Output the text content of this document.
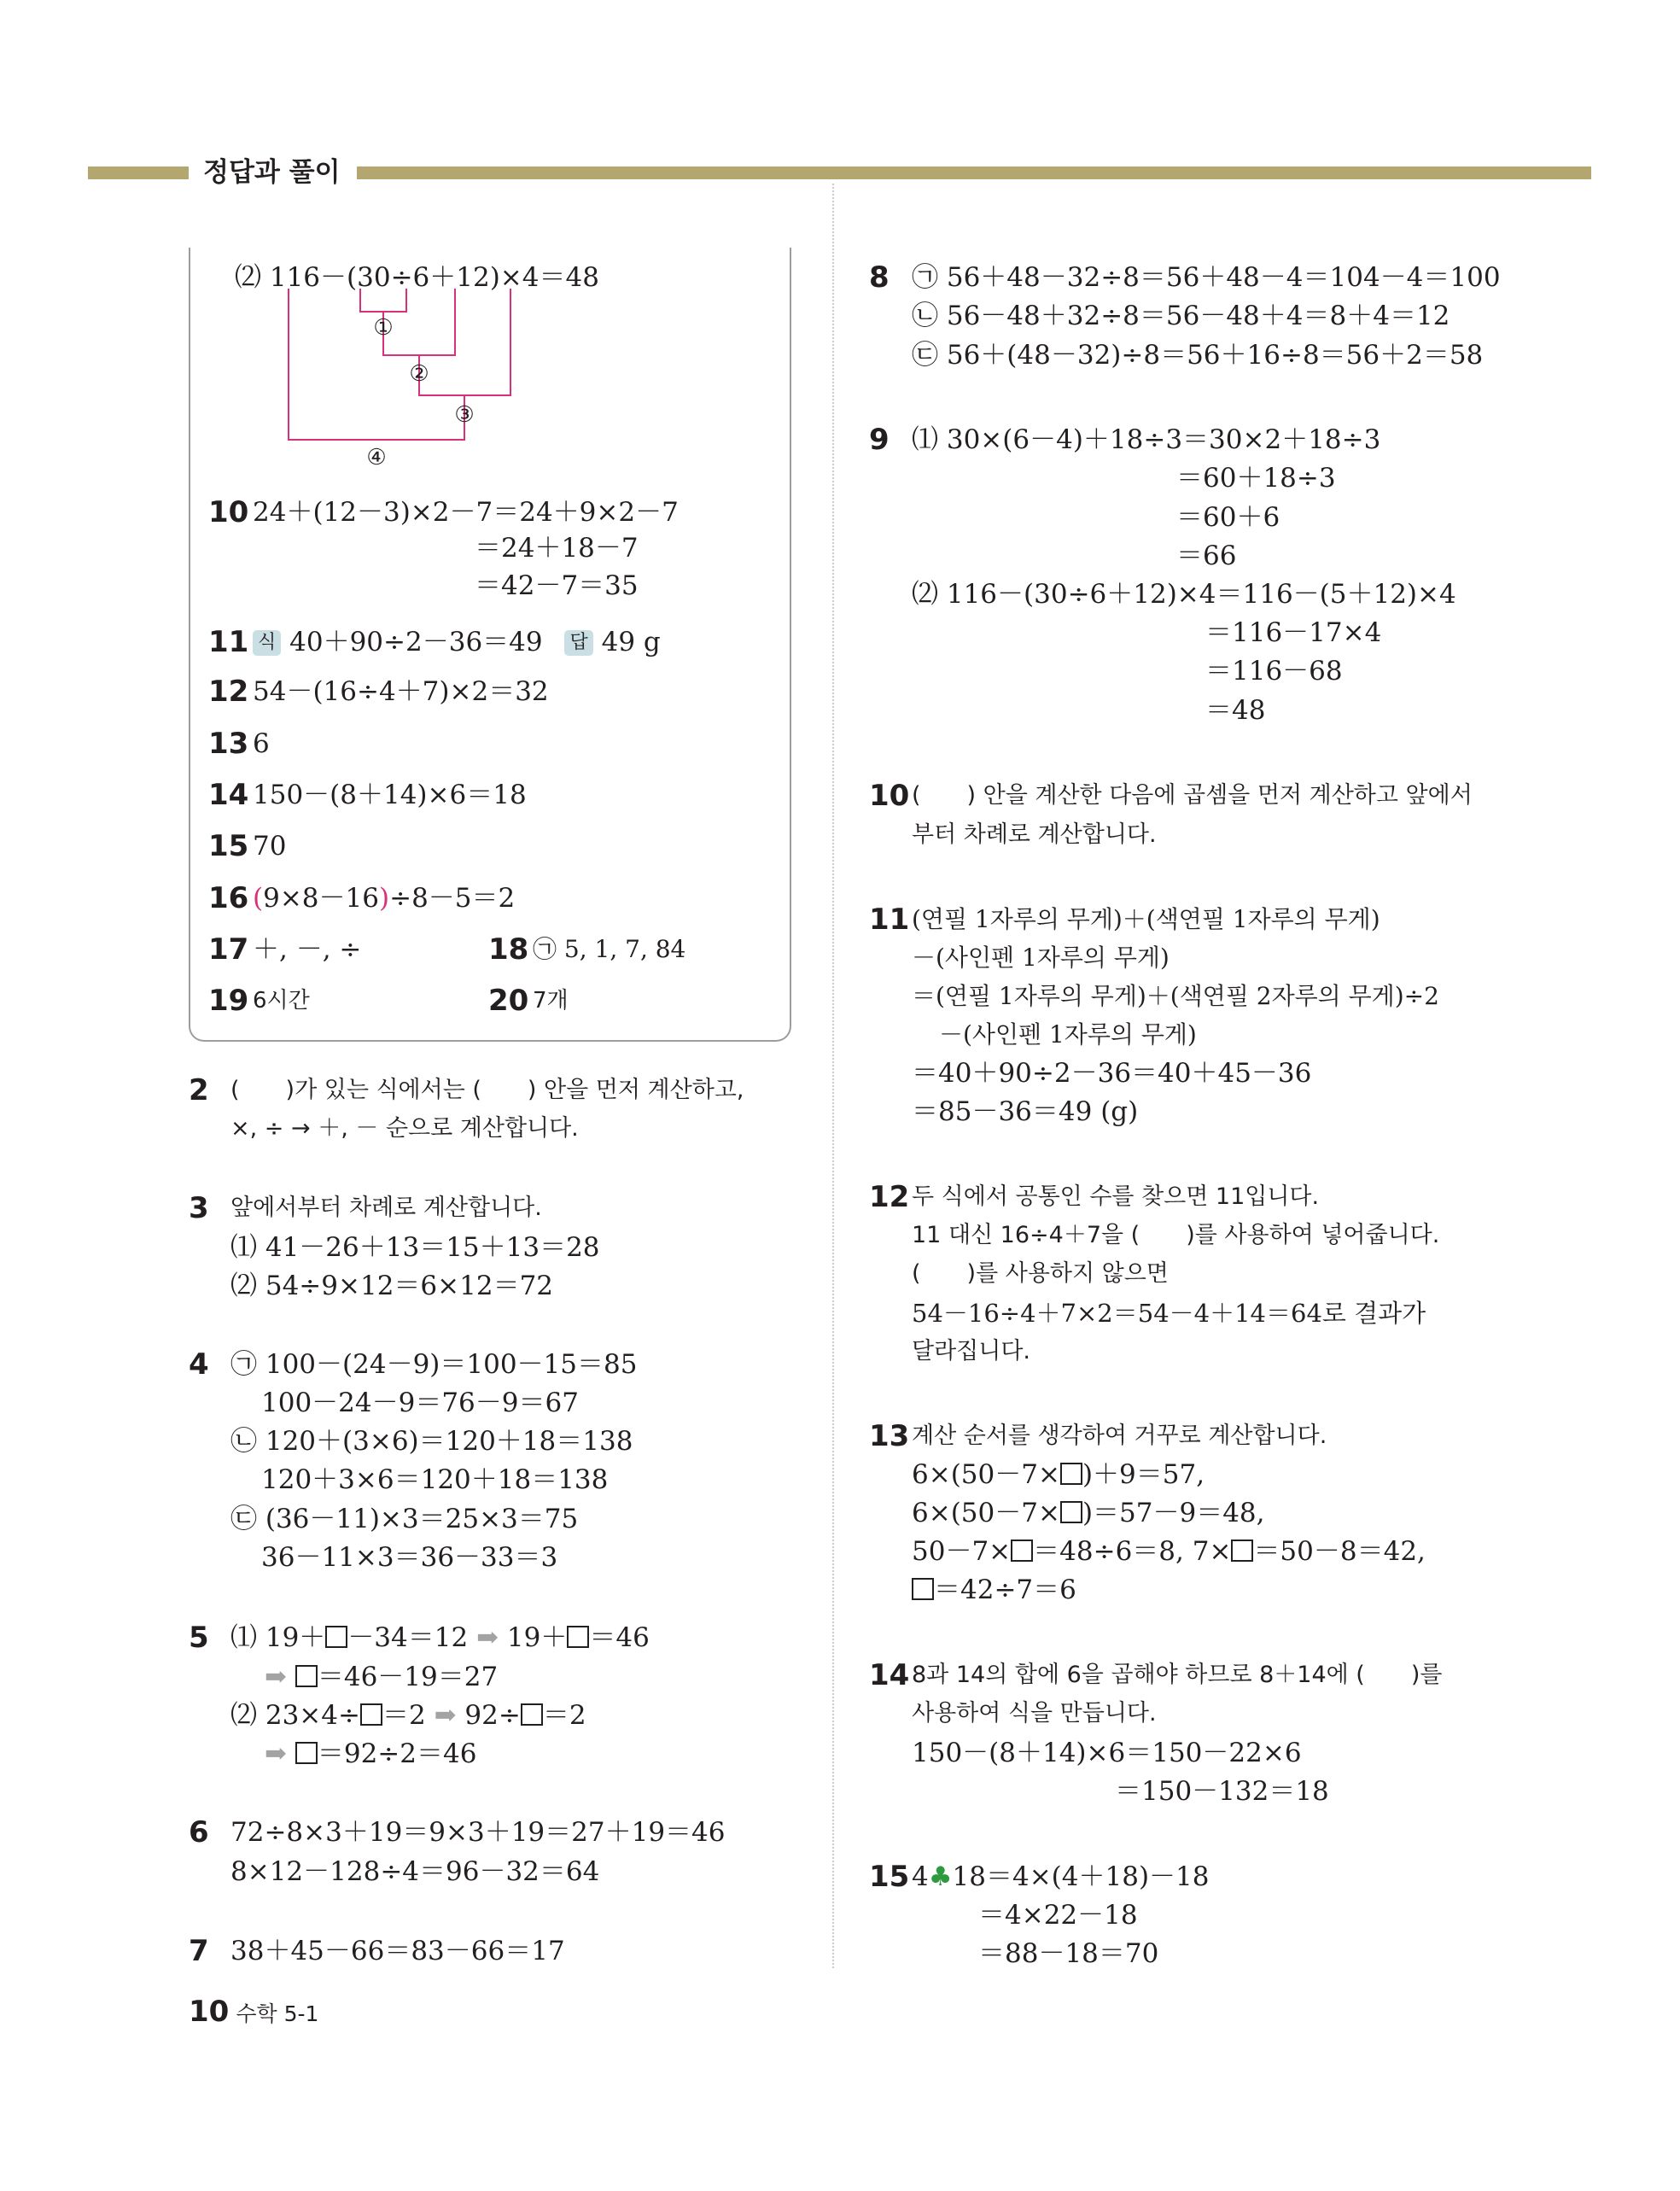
정답과 풀이
⑵ 116－(30÷6＋12)×4＝48
①
②
③
④
10 24＋(12－3)×2－7＝24＋9×2－7
＝24＋18－7
＝42－7＝35
11 식 40＋90÷2－36＝49 답 49 g
12 54－(16÷4＋7)×2＝32
13 6
14 150－(8＋14)×6＝18
15 70
16 (9×8－16)÷8－5＝2
17 ＋, －, ÷	18 ㉠ 5, 1, 7, 84
19 6시간	20 7개
2 (　　)가 있는 식에서는 (　　) 안을 먼저 계산하고,
×, ÷ → ＋, － 순으로 계산합니다.
3 앞에서부터 차례로 계산합니다.
⑴ 41－26＋13＝15＋13＝28
⑵ 54÷9×12＝6×12＝72
4 ㉠ 100－(24－9)＝100－15＝85
100－24－9＝76－9＝67
㉡ 120＋(3×6)＝120＋18＝138
120＋3×6＝120＋18＝138
㉢ (36－11)×3＝25×3＝75
36－11×3＝36－33＝3
5 ⑴ 19＋ －34＝12 ➡ 19＋ ＝46
➡ ＝46－19＝27
⑵ 23×4÷ ＝2 ➡ 92÷ ＝2
➡ ＝92÷2＝46
6 72÷8×3＋19＝9×3＋19＝27＋19＝46
8×12－128÷4＝96－32＝64
7 38＋45－66＝83－66＝17
8 ㉠ 56＋48－32÷8＝56＋48－4＝104－4＝100
㉡ 56－48＋32÷8＝56－48＋4＝8＋4＝12
㉢ 56＋(48－32)÷8＝56＋16÷8＝56＋2＝58
9 ⑴ 30×(6－4)＋18÷3＝30×2＋18÷3
＝60＋18÷3
＝60＋6
＝66
⑵ 116－(30÷6＋12)×4＝116－(5＋12)×4
＝116－17×4
＝116－68
＝48
10 (　　) 안을 계산한 다음에 곱셈을 먼저 계산하고 앞에서
부터 차례로 계산합니다.
11 (연필 1자루의 무게)＋(색연필 1자루의 무게)
－(사인펜 1자루의 무게)
＝(연필 1자루의 무게)＋(색연필 2자루의 무게)÷2
－(사인펜 1자루의 무게)
＝40＋90÷2－36＝40＋45－36
＝85－36＝49 (g)
12 두 식에서 공통인 수를 찾으면 11입니다.
11 대신 16÷4＋7을 (　　)를 사용하여 넣어줍니다.
(　　)를 사용하지 않으면
54－16÷4＋7×2＝54－4＋14＝64로 결과가
달라집니다.
13 계산 순서를 생각하여 거꾸로 계산합니다.
6×(50－7× )＋9＝57,
6×(50－7× )＝57－9＝48,
50－7× ＝48÷6＝8, 7× ＝50－8＝42,
＝42÷7＝6
14 8과 14의 합에 6을 곱해야 하므로 8＋14에 (　　)를
사용하여 식을 만듭니다.
150－(8＋14)×6＝150－22×6
＝150－132＝18
15 4♣18＝4×(4＋18)－18
＝4×22－18
＝88－18＝70
10 수학 5-1
